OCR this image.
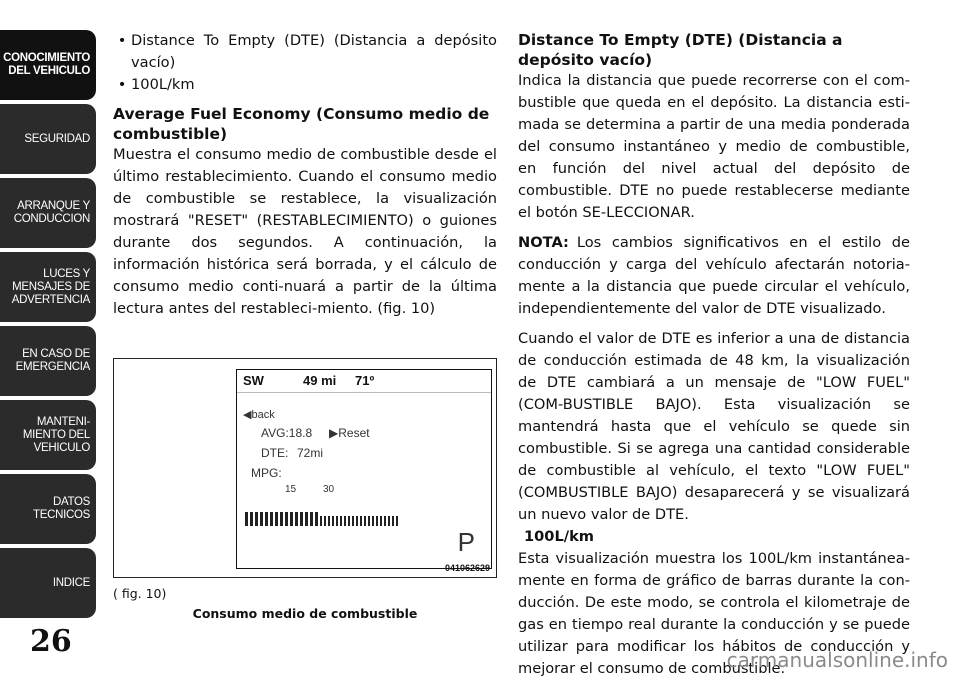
CONOCIMIENTO
DEL VEHICULO
SEGURIDAD
ARRANQUE Y
CONDUCCION
LUCES Y
MENSAJES DE
ADVERTENCIA
EN CASO DE
EMERGENCIA
MANTENI-
MIENTO DEL
VEHICULO
DATOS
TECNICOS
INDICE
26
• Distance To Empty (DTE) (Distancia a depósito vacío)
• 100L/km
Average Fuel Economy (Consumo medio de combustible)

Muestra el consumo medio de combustible desde el último restablecimiento. Cuando el consumo medio de combustible se restablece, la visualización mostrará "RESET" (RESTABLECIMIENTO) o guiones durante dos segundos. A continuación, la información histórica será borrada, y el cálculo de consumo medio conti-nuará a partir de la última lectura antes del restableci-miento. (fig. 10)

SW	49 mi 71º
◀back
AVG:18.8 ▶Reset
DTE: 72mi
MPG:
15	30
P
041062629
( fig. 10)
Consumo medio de combustible
Distance To Empty (DTE) (Distancia a depósito vacío)

Indica la distancia que puede recorrerse con el com-bustible que queda en el depósito. La distancia esti-mada se determina a partir de una media ponderada del consumo instantáneo y medio de combustible, en función del nivel actual del depósito de combustible. DTE no puede restablecerse mediante el botón SE-LECCIONAR.

NOTA: Los cambios significativos en el estilo de conducción y carga del vehículo afectarán notoria-mente a la distancia que puede circular el vehículo, independientemente del valor de DTE visualizado.

Cuando el valor de DTE es inferior a una de distancia de conducción estimada de 48 km, la visualización de DTE cambiará a un mensaje de "LOW FUEL" (COM-BUSTIBLE BAJO). Esta visualización se mantendrá hasta que el vehículo se quede sin combustible. Si se agrega una cantidad considerable de combustible al vehículo, el texto "LOW FUEL" (COMBUSTIBLE BAJO) desaparecerá y se visualizará un nuevo valor de DTE.

100L/km

Esta visualización muestra los 100L/km instantánea-mente en forma de gráfico de barras durante la con-ducción. De este modo, se controla el kilometraje de gas en tiempo real durante la conducción y se puede utilizar para modificar los hábitos de conducción y mejorar el consumo de combustible.

carmanualsonline.info
